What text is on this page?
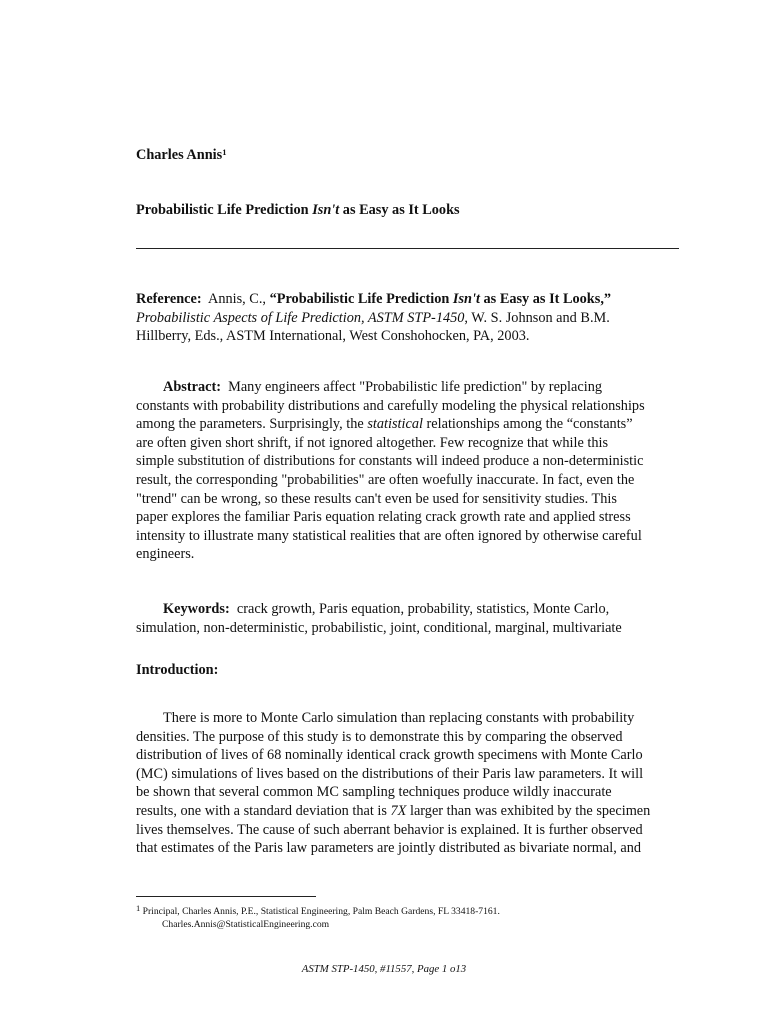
Charles Annis$^1$
Probabilistic Life Prediction Isn't as Easy as It Looks
Reference: Annis, C., “Probabilistic Life Prediction Isn't as Easy as It Looks,”
Probabilistic Aspects of Life Prediction, ASTM STP-1450, W. S. Johnson and B.M.
Hillberry, Eds., ASTM International, West Conshohocken, PA, 2003.
Abstract: Many engineers affect "Probabilistic life prediction" by replacing
constants with probability distributions and carefully modeling the physical relationships
among the parameters. Surprisingly, the statistical relationships among the “constants”
are often given short shrift, if not ignored altogether. Few recognize that while this
simple substitution of distributions for constants will indeed produce a non-deterministic
result, the corresponding "probabilities" are often woefully inaccurate. In fact, even the
"trend" can be wrong, so these results can't even be used for sensitivity studies. This
paper explores the familiar Paris equation relating crack growth rate and applied stress
intensity to illustrate many statistical realities that are often ignored by otherwise careful
engineers.
Keywords: crack growth, Paris equation, probability, statistics, Monte Carlo,
simulation, non-deterministic, probabilistic, joint, conditional, marginal, multivariate
Introduction:
There is more to Monte Carlo simulation than replacing constants with probability
densities. The purpose of this study is to demonstrate this by comparing the observed
distribution of lives of 68 nominally identical crack growth specimens with Monte Carlo
(MC) simulations of lives based on the distributions of their Paris law parameters. It will
be shown that several common MC sampling techniques produce wildly inaccurate
results, one with a standard deviation that is 7X larger than was exhibited by the specimen
lives themselves. The cause of such aberrant behavior is explained. It is further observed
that estimates of the Paris law parameters are jointly distributed as bivariate normal, and
$^1$ Principal, Charles Annis, P.E., Statistical Engineering, Palm Beach Gardens, FL 33418-7161.
Charles.Annis@StatisticalEngineering.com
ASTM STP-1450, #11557, Page 1 o13
